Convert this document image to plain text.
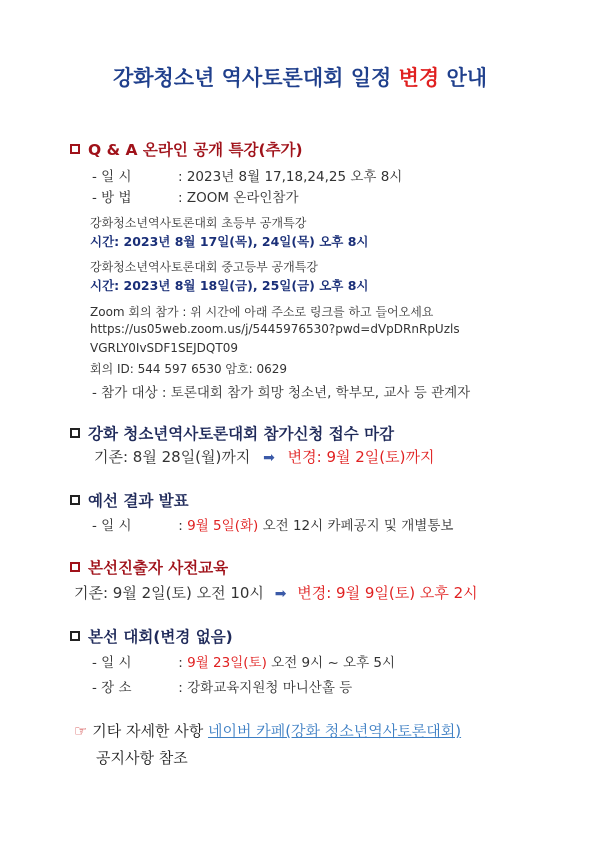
강화청소년 역사토론대회 일정 변경 안내
Q & A 온라인 공개 특강(추가)
- 일 시	: 2023년 8월 17,18,24,25 오후 8시
- 방 법	: ZOOM 온라인참가
강화청소년역사토론대회 초등부 공개특강
시간: 2023년 8월 17일(목), 24일(목) 오후 8시
강화청소년역사토론대회 중고등부 공개특강
시간: 2023년 8월 18일(금), 25일(금) 오후 8시
Zoom 회의 참가 : 위 시간에 아래 주소로 링크를 하고 들어오세요
https://us05web.zoom.us/j/5445976530?pwd=dVpDRnRpUzls
VGRLY0IvSDF1SEJDQT09
회의 ID: 544 597 6530 암호: 0629
- 참가 대상 : 토론대회 참가 희망 청소년, 학부모, 교사 등 관계자
강화 청소년역사토론대회 참가신청 접수 마감
기존: 8월 28일(월)까지 ➡ 변경: 9월 2일(토)까지
예선 결과 발표
- 일 시	: 9월 5일(화) 오전 12시 카페공지 및 개별통보
본선진출자 사전교육
기존: 9월 2일(토) 오전 10시 ➡ 변경: 9월 9일(토) 오후 2시
본선 대회(변경 없음)
- 일 시	: 9월 23일(토) 오전 9시 ~ 오후 5시
- 장 소	: 강화교육지원청 마니산홀 등
☞ 기타 자세한 사항 네이버 카페(강화 청소년역사토론대회)
공지사항 참조
